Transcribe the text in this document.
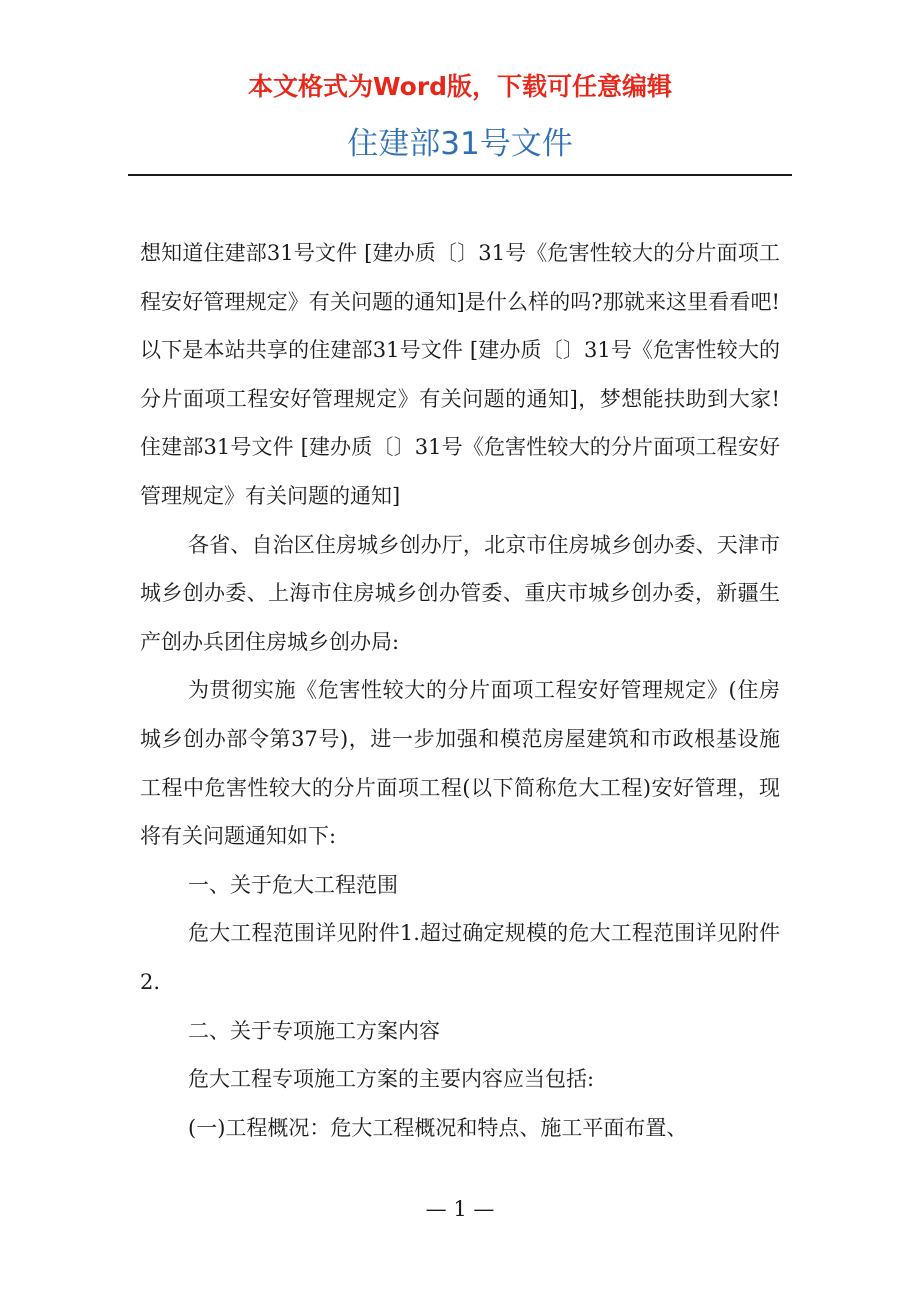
本文格式为Word版，下载可任意编辑
住建部31号文件

想知道住建部31号文件 [建办质〔〕31号《危害性较大的分片面项工程安好管理规定》有关问题的通知]是什么样的吗?那就来这里看看吧!以下是本站共享的住建部31号文件 [建办质〔〕31号《危害性较大的分片面项工程安好管理规定》有关问题的通知]，梦想能扶助到大家!　　住建部31号文件 [建办质〔〕31号《危害性较大的分片面项工程安好管理规定》有关问题的通知]

各省、自治区住房城乡创办厅，北京市住房城乡创办委、天津市城乡创办委、上海市住房城乡创办管委、重庆市城乡创办委，新疆生产创办兵团住房城乡创办局:

为贯彻实施《危害性较大的分片面项工程安好管理规定》(住房城乡创办部令第37号)，进一步加强和模范房屋建筑和市政根基设施工程中危害性较大的分片面项工程(以下简称危大工程)安好管理，现将有关问题通知如下:

一、关于危大工程范围

危大工程范围详见附件1.超过确定规模的危大工程范围详见附件2.

二、关于专项施工方案内容

危大工程专项施工方案的主要内容应当包括:

(一)工程概况：危大工程概况和特点、施工平面布置、

— 1 —
